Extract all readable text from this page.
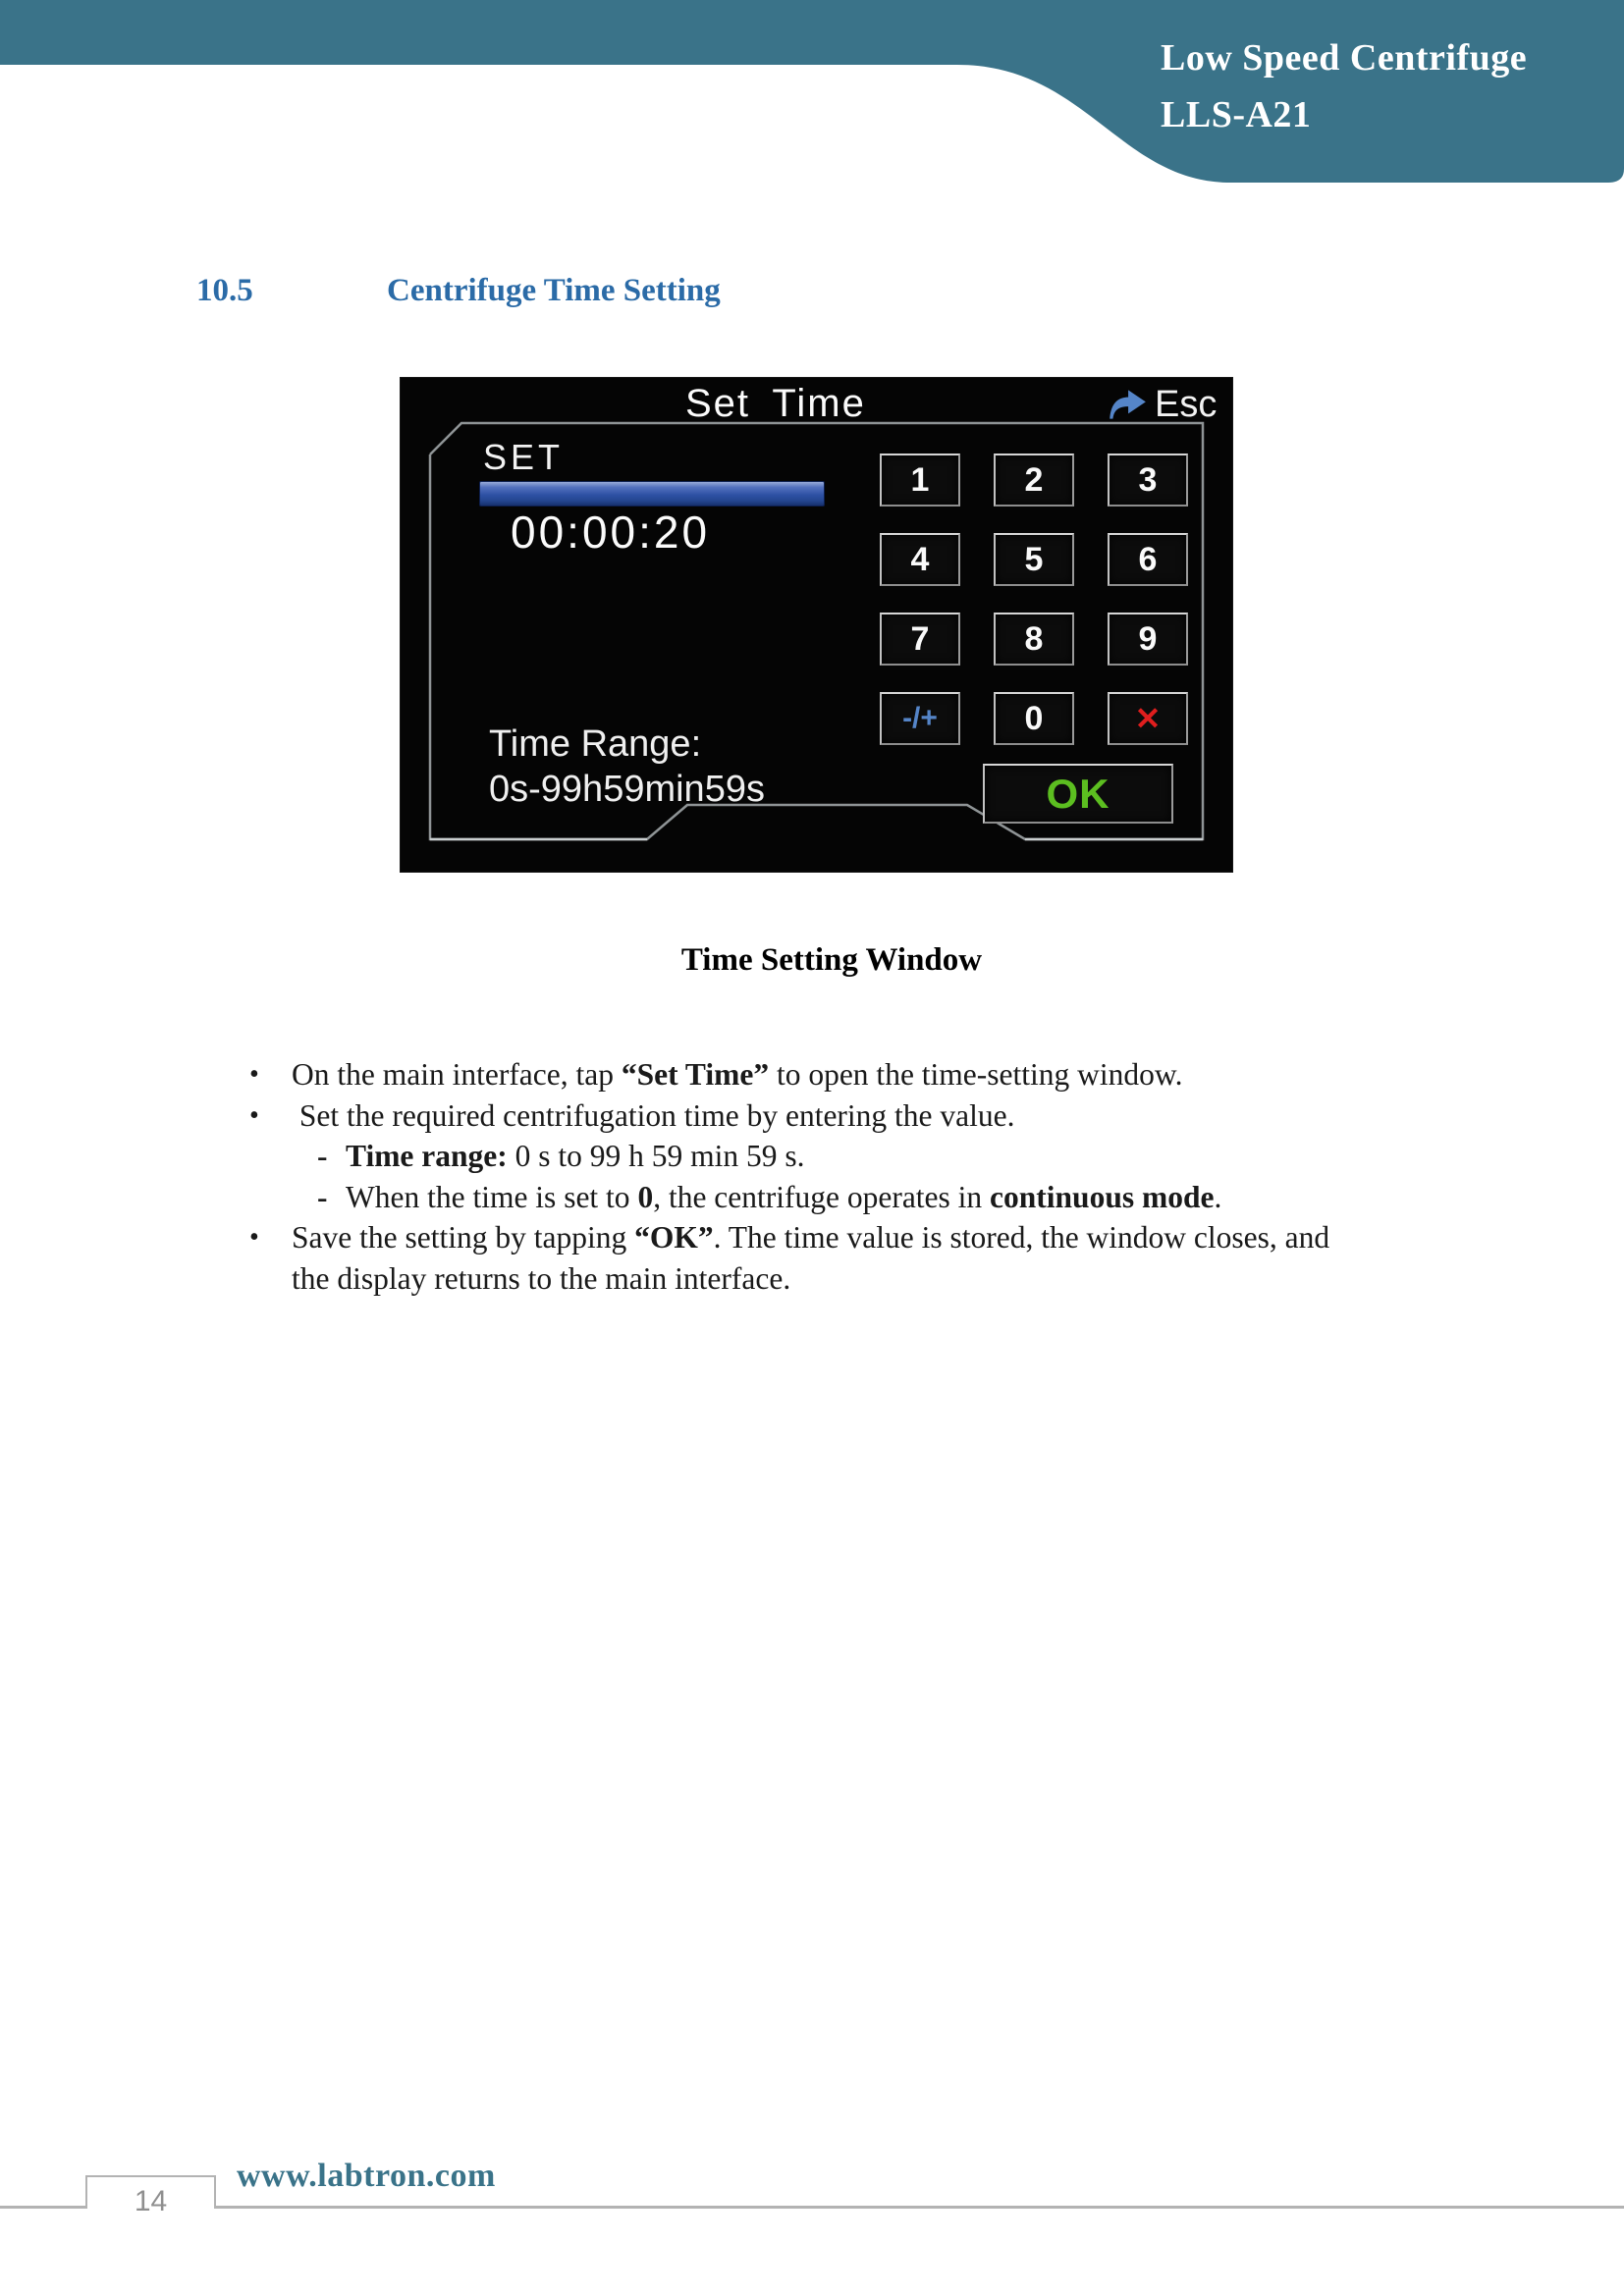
Low Speed Centrifuge
LLS-A21
10.5	Centrifuge Time Setting
Set Time	Esc
SET
00:00:20
Time Range:
0s-99h59min59s
1	2	3
4	5	6
7	8	9
-/+	0	✕
OK
Time Setting Window
•	On the main interface, tap “Set Time” to open the time-setting window.
•	Set the required centrifugation time by entering the value.
- Time range: 0 s to 99 h 59 min 59 s.
- When the time is set to 0, the centrifuge operates in continuous mode.
•	Save the setting by tapping “OK”. The time value is stored, the window closes, and
the display returns to the main interface.
14
www.labtron.com
